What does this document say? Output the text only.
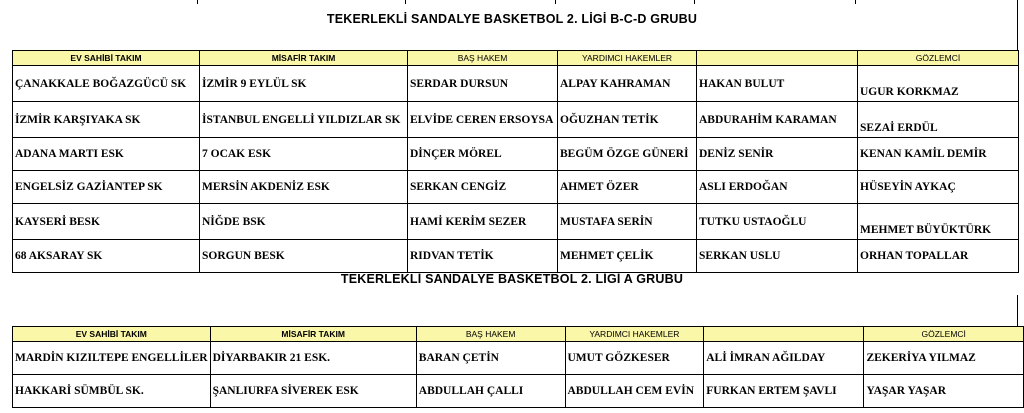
TEKERLEKLİ SANDALYE BASKETBOL 2. LİGİ B-C-D GRUBU
EV SAHİBİ TAKIM	MİSAFİR TAKIM	BAŞ HAKEM	YARDIMCI HAKEMLER		GÖZLEMCİ
ÇANAKKALE BOĞAZGÜCÜ SK	İZMİR 9 EYLÜL SK	SERDAR DURSUN	ALPAY KAHRAMAN	HAKAN BULUT	UGUR KORKMAZ
İZMİR KARŞIYAKA SK	İSTANBUL ENGELLİ YILDIZLAR SK	ELVİDE CEREN ERSOYSA	OĞUZHAN TETİK	ABDURAHİM KARAMAN	SEZAİ ERDÜL
ADANA MARTI ESK	7 OCAK ESK	DİNÇER MÖREL	BEGÜM ÖZGE GÜNERİ	DENİZ SENİR	KENAN KAMİL DEMİR
ENGELSİZ GAZİANTEP SK	MERSİN AKDENİZ ESK	SERKAN CENGİZ	AHMET ÖZER	ASLI ERDOĞAN	HÜSEYİN AYKAÇ
KAYSERİ BESK	NİĞDE BSK	HAMİ KERİM SEZER	MUSTAFA SERİN	TUTKU USTAOĞLU	MEHMET BÜYÜKTÜRK
68 AKSARAY SK	SORGUN BESK	RIDVAN TETİK	MEHMET ÇELİK	SERKAN USLU	ORHAN TOPALLAR
TEKERLEKLİ SANDALYE BASKETBOL 2. LİGİ A GRUBU
EV SAHİBİ TAKIM	MİSAFİR TAKIM	BAŞ HAKEM	YARDIMCI HAKEMLER		GÖZLEMCİ
MARDİN KIZILTEPE ENGELLİLER	DİYARBAKIR 21 ESK.	BARAN ÇETİN	UMUT GÖZKESER	ALİ İMRAN AĞILDAY	ZEKERİYA YILMAZ
HAKKARİ SÜMBÜL SK.	ŞANLIURFA SİVEREK ESK	ABDULLAH ÇALLI	ABDULLAH CEM EVİN	FURKAN ERTEM ŞAVLI	YAŞAR YAŞAR
